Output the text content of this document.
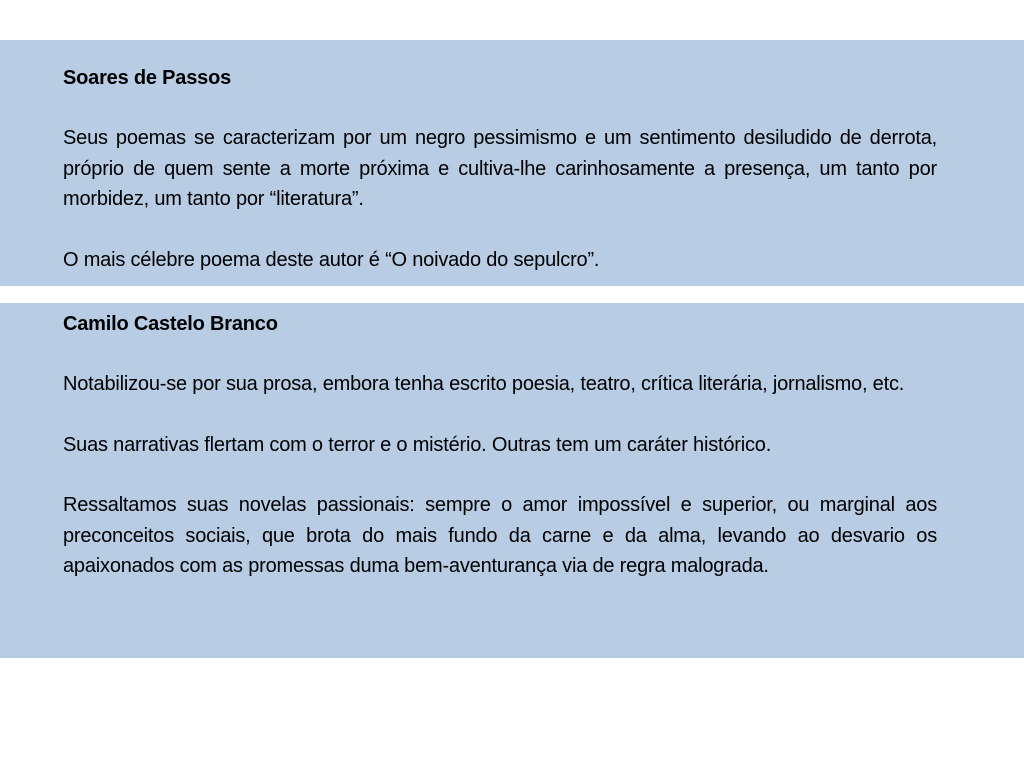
Soares de Passos

Seus poemas se caracterizam por um negro pessimismo e um sentimento desiludido de derrota, próprio de quem sente a morte próxima e cultiva-lhe carinhosamente a presença, um tanto por morbidez, um tanto por “literatura”.

O mais célebre poema deste autor é “O noivado do sepulcro”.

Camilo Castelo Branco

Notabilizou-se por sua prosa, embora tenha escrito poesia, teatro, crítica literária, jornalismo, etc.

Suas narrativas flertam com o terror e o mistério. Outras tem um caráter histórico.

Ressaltamos suas novelas passionais: sempre o amor impossível e superior, ou marginal aos preconceitos sociais, que brota do mais fundo da carne e da alma, levando ao desvario os apaixonados com as promessas duma bem-aventurança via de regra malograda.
